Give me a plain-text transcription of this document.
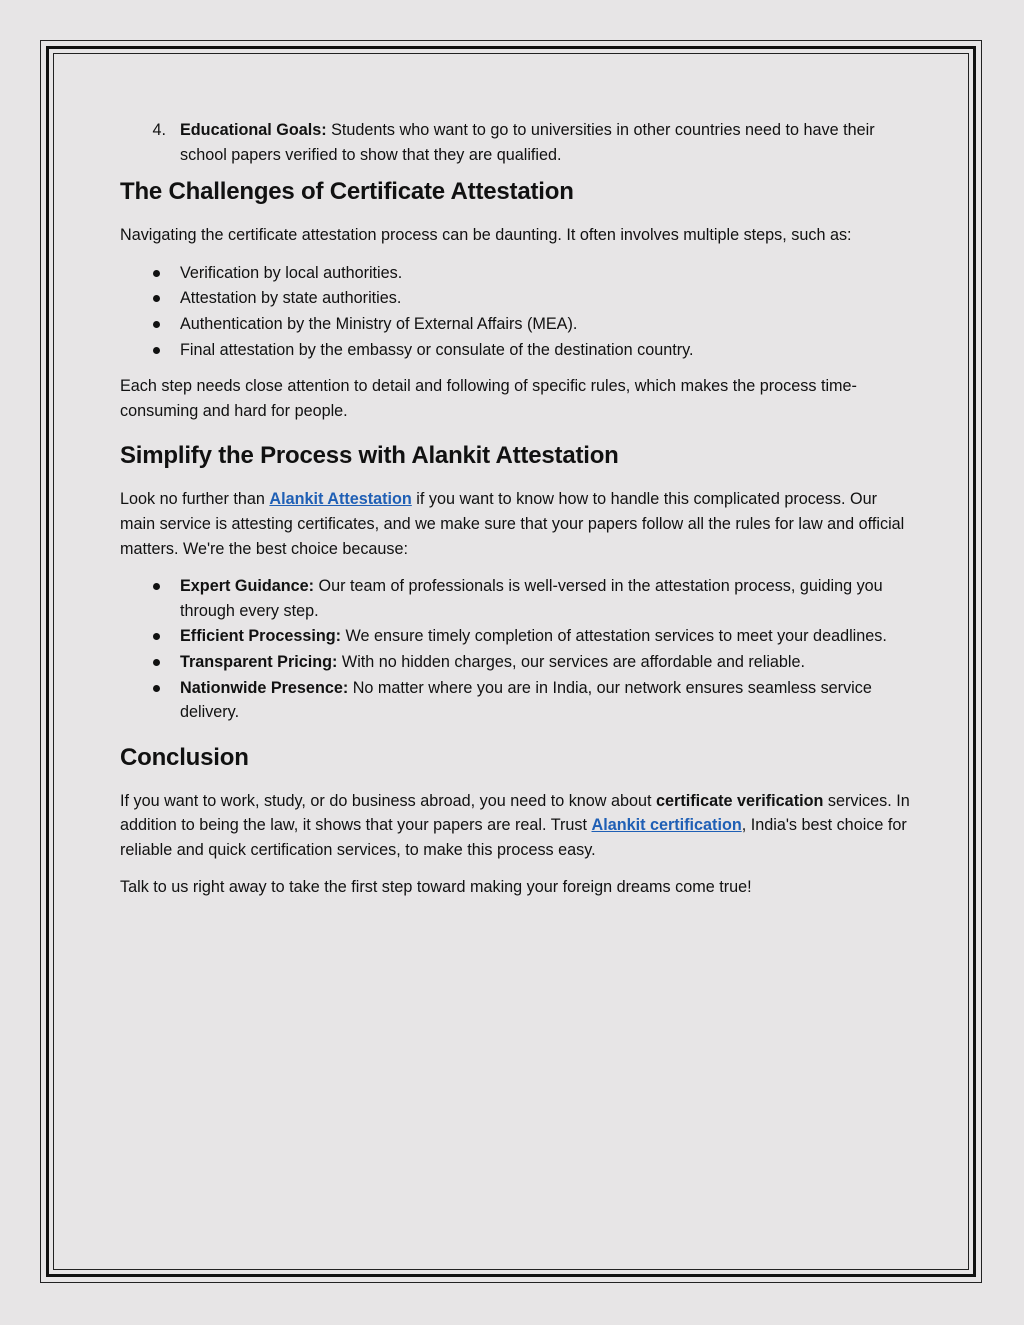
4. Educational Goals: Students who want to go to universities in other countries need to have their school papers verified to show that they are qualified.
The Challenges of Certificate Attestation

Navigating the certificate attestation process can be daunting. It often involves multiple steps, such as:

Verification by local authorities.
Attestation by state authorities.
Authentication by the Ministry of External Affairs (MEA).
Final attestation by the embassy or consulate of the destination country.

Each step needs close attention to detail and following of specific rules, which makes the process time-consuming and hard for people.

Simplify the Process with Alankit Attestation

Look no further than Alankit Attestation if you want to know how to handle this complicated process. Our main service is attesting certificates, and we make sure that your papers follow all the rules for law and official matters. We're the best choice because:

Expert Guidance: Our team of professionals is well-versed in the attestation process, guiding you through every step.
Efficient Processing: We ensure timely completion of attestation services to meet your deadlines.
Transparent Pricing: With no hidden charges, our services are affordable and reliable.
Nationwide Presence: No matter where you are in India, our network ensures seamless service delivery.
Conclusion

If you want to work, study, or do business abroad, you need to know about certificate verification services. In addition to being the law, it shows that your papers are real. Trust Alankit certification, India's best choice for reliable and quick certification services, to make this process easy.

Talk to us right away to take the first step toward making your foreign dreams come true!
